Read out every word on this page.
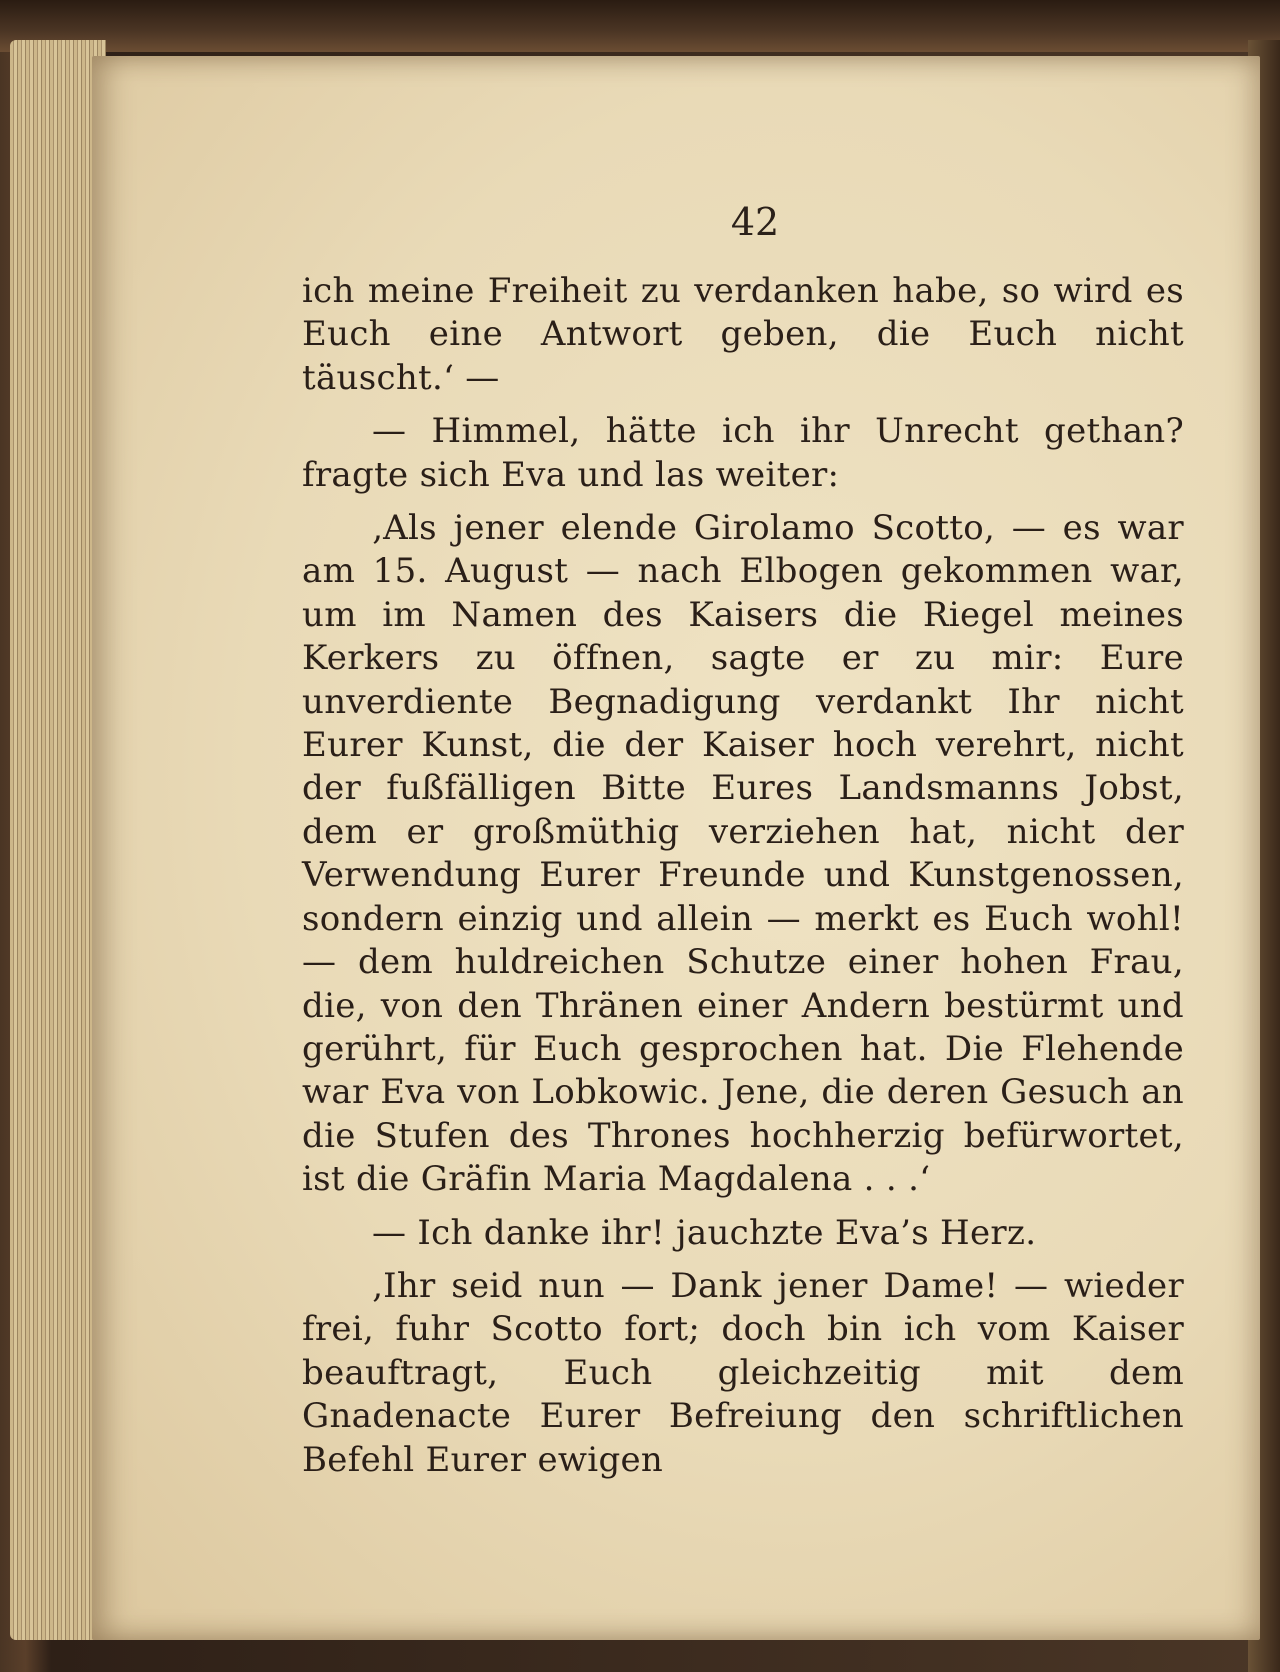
42

ich meine Freiheit zu verdanken habe, so wird es Euch eine Antwort geben, die Euch nicht täuscht.‘ —

— Himmel, hätte ich ihr Unrecht gethan? fragte sich Eva und las weiter:

‚Als jener elende Girolamo Scotto, — es war am 15. August — nach Elbogen gekommen war, um im Namen des Kaisers die Riegel meines Kerkers zu öffnen, sagte er zu mir: Eure unverdiente Begnadigung verdankt Ihr nicht Eurer Kunst, die der Kaiser hoch verehrt, nicht der fußfälligen Bitte Eures Landsmanns Jobst, dem er großmüthig verziehen hat, nicht der Verwendung Eurer Freunde und Kunstgenossen, sondern einzig und allein — merkt es Euch wohl! — dem huldreichen Schutze einer hohen Frau, die, von den Thränen einer Andern bestürmt und gerührt, für Euch gesprochen hat. Die Flehende war Eva von Lobkowic. Jene, die deren Gesuch an die Stufen des Thrones hochherzig befürwortet, ist die Gräfin Maria Magdalena . . .‘

— Ich danke ihr! jauchzte Eva’s Herz.

‚Ihr seid nun — Dank jener Dame! — wieder frei, fuhr Scotto fort; doch bin ich vom Kaiser beauftragt, Euch gleichzeitig mit dem Gnadenacte Eurer Befreiung den schriftlichen Befehl Eurer ewigen
